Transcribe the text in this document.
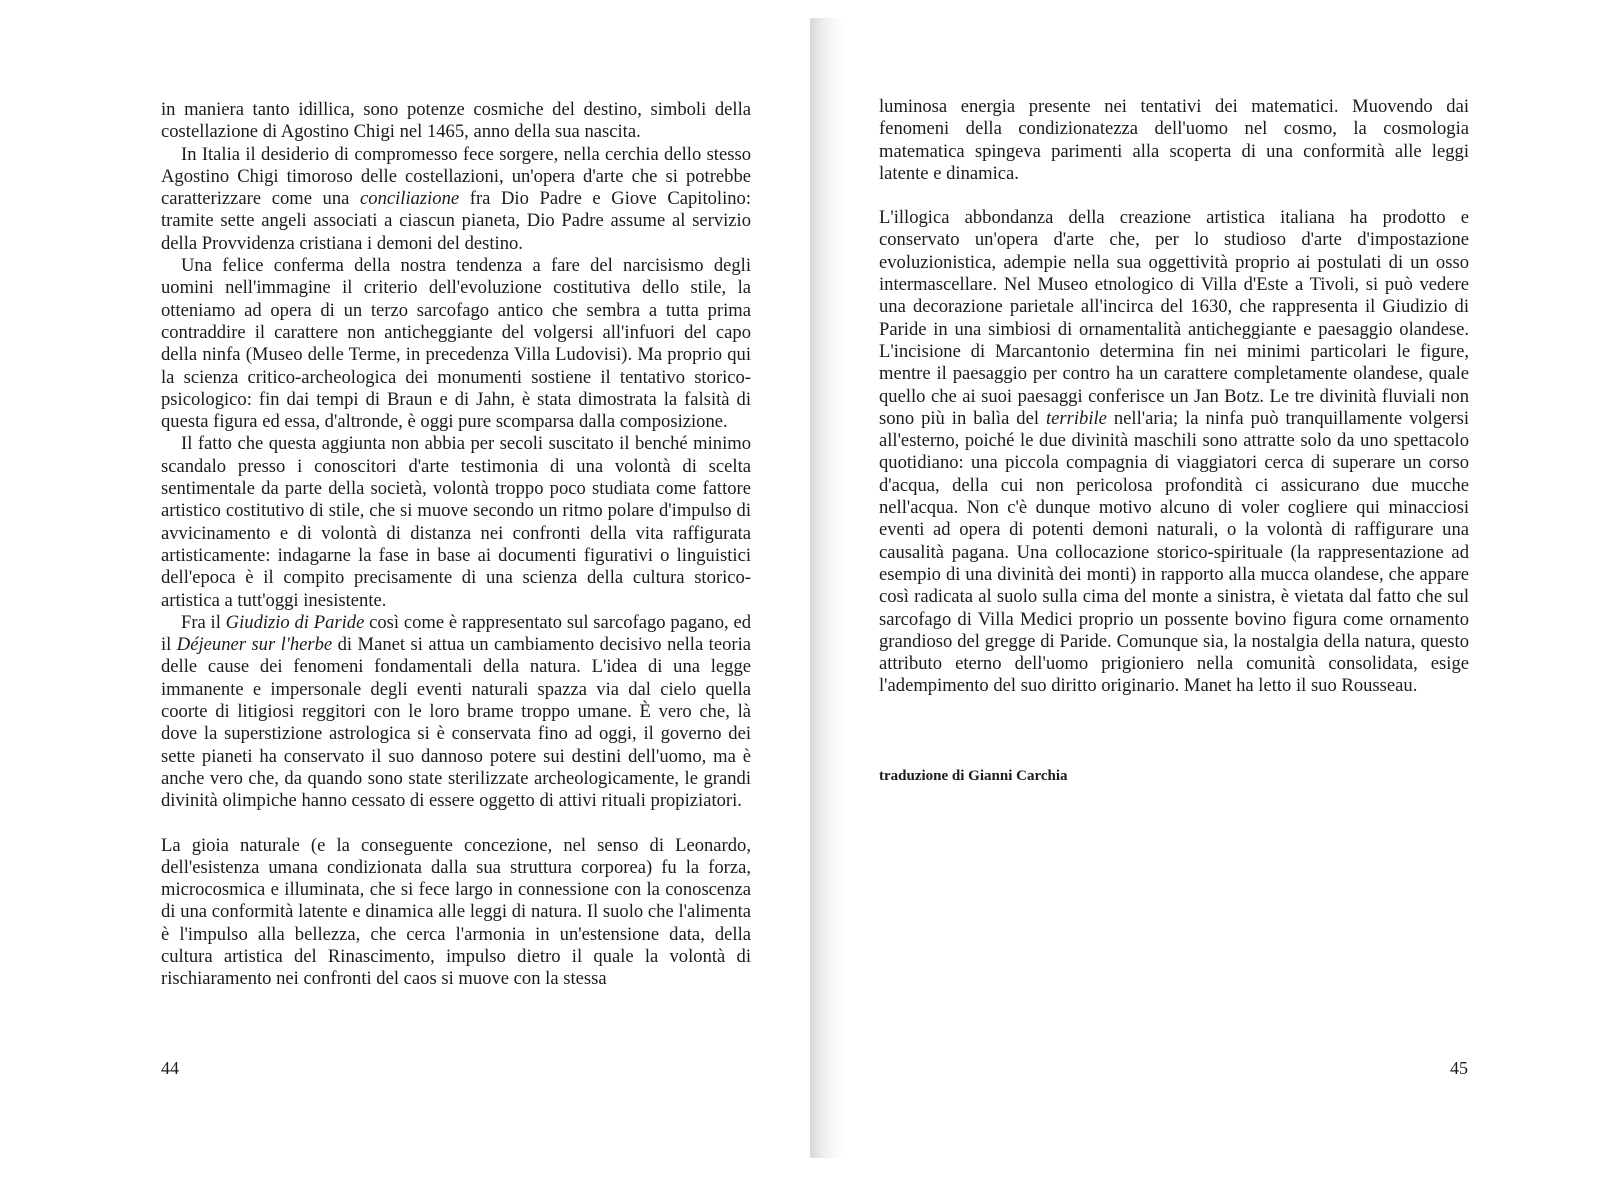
in maniera tanto idillica, sono potenze cosmiche del destino, simboli della costellazione di Agostino Chigi nel 1465, anno della sua nascita.

In Italia il desiderio di compromesso fece sorgere, nella cerchia dello stesso Agostino Chigi timoroso delle costellazioni, un'opera d'arte che si potrebbe caratterizzare come una conciliazione fra Dio Padre e Giove Capitolino: tramite sette angeli associati a ciascun pianeta, Dio Padre assume al servizio della Provvidenza cristiana i demoni del destino.

Una felice conferma della nostra tendenza a fare del narcisismo degli uomini nell'immagine il criterio dell'evoluzione costitutiva dello stile, la otteniamo ad opera di un terzo sarcofago antico che sembra a tutta prima contraddire il carattere non anticheggiante del volgersi all'infuori del capo della ninfa (Museo delle Terme, in precedenza Villa Ludovisi). Ma proprio qui la scienza critico-archeologica dei monumenti sostiene il tentativo storico-psicologico: fin dai tempi di Braun e di Jahn, è stata dimostrata la falsità di questa figura ed essa, d'altronde, è oggi pure scomparsa dalla composizione.

Il fatto che questa aggiunta non abbia per secoli suscitato il benché minimo scandalo presso i conoscitori d'arte testimonia di una volontà di scelta sentimentale da parte della società, volontà troppo poco studiata come fattore artistico costitutivo di stile, che si muove secondo un ritmo polare d'impulso di avvicinamento e di volontà di distanza nei confronti della vita raffigurata artisticamente: indagarne la fase in base ai documenti figurativi o linguistici dell'epoca è il compito precisamente di una scienza della cultura storico-artistica a tutt'oggi inesistente.

Fra il Giudizio di Paride così come è rappresentato sul sarcofago pagano, ed il Déjeuner sur l'herbe di Manet si attua un cambiamento decisivo nella teoria delle cause dei fenomeni fondamentali della natura. L'idea di una legge immanente e impersonale degli eventi naturali spazza via dal cielo quella coorte di litigiosi reggitori con le loro brame troppo umane. È vero che, là dove la superstizione astrologica si è conservata fino ad oggi, il governo dei sette pianeti ha conservato il suo dannoso potere sui destini dell'uomo, ma è anche vero che, da quando sono state sterilizzate archeologicamente, le grandi divinità olimpiche hanno cessato di essere oggetto di attivi rituali propiziatori.

La gioia naturale (e la conseguente concezione, nel senso di Leonardo, dell'esistenza umana condizionata dalla sua struttura corporea) fu la forza, microcosmica e illuminata, che si fece largo in connessione con la conoscenza di una conformità latente e dinamica alle leggi di natura. Il suolo che l'alimenta è l'impulso alla bellezza, che cerca l'armonia in un'estensione data, della cultura artistica del Rinascimento, impulso dietro il quale la volontà di rischiaramento nei confronti del caos si muove con la stessa

44

luminosa energia presente nei tentativi dei matematici. Muovendo dai fenomeni della condizionatezza dell'uomo nel cosmo, la cosmologia matematica spingeva parimenti alla scoperta di una conformità alle leggi latente e dinamica.

L'illogica abbondanza della creazione artistica italiana ha prodotto e conservato un'opera d'arte che, per lo studioso d'arte d'impostazione evoluzionistica, adempie nella sua oggettività proprio ai postulati di un osso intermascellare. Nel Museo etnologico di Villa d'Este a Tivoli, si può vedere una decorazione parietale all'incirca del 1630, che rappresenta il Giudizio di Paride in una simbiosi di ornamentalità anticheggiante e paesaggio olandese. L'incisione di Marcantonio determina fin nei minimi particolari le figure, mentre il paesaggio per contro ha un carattere completamente olandese, quale quello che ai suoi paesaggi conferisce un Jan Botz. Le tre divinità fluviali non sono più in balìa del terribile nell'aria; la ninfa può tranquillamente volgersi all'esterno, poiché le due divinità maschili sono attratte solo da uno spettacolo quotidiano: una piccola compagnia di viaggiatori cerca di superare un corso d'acqua, della cui non pericolosa profondità ci assicurano due mucche nell'acqua. Non c'è dunque motivo alcuno di voler cogliere qui minacciosi eventi ad opera di potenti demoni naturali, o la volontà di raffigurare una causalità pagana. Una collocazione storico-spirituale (la rappresentazione ad esempio di una divinità dei monti) in rapporto alla mucca olandese, che appare così radicata al suolo sulla cima del monte a sinistra, è vietata dal fatto che sul sarcofago di Villa Medici proprio un possente bovino figura come ornamento grandioso del gregge di Paride. Comunque sia, la nostalgia della natura, questo attributo eterno dell'uomo prigioniero nella comunità consolidata, esige l'adempimento del suo diritto originario. Manet ha letto il suo Rousseau.

traduzione di Gianni Carchia
45
